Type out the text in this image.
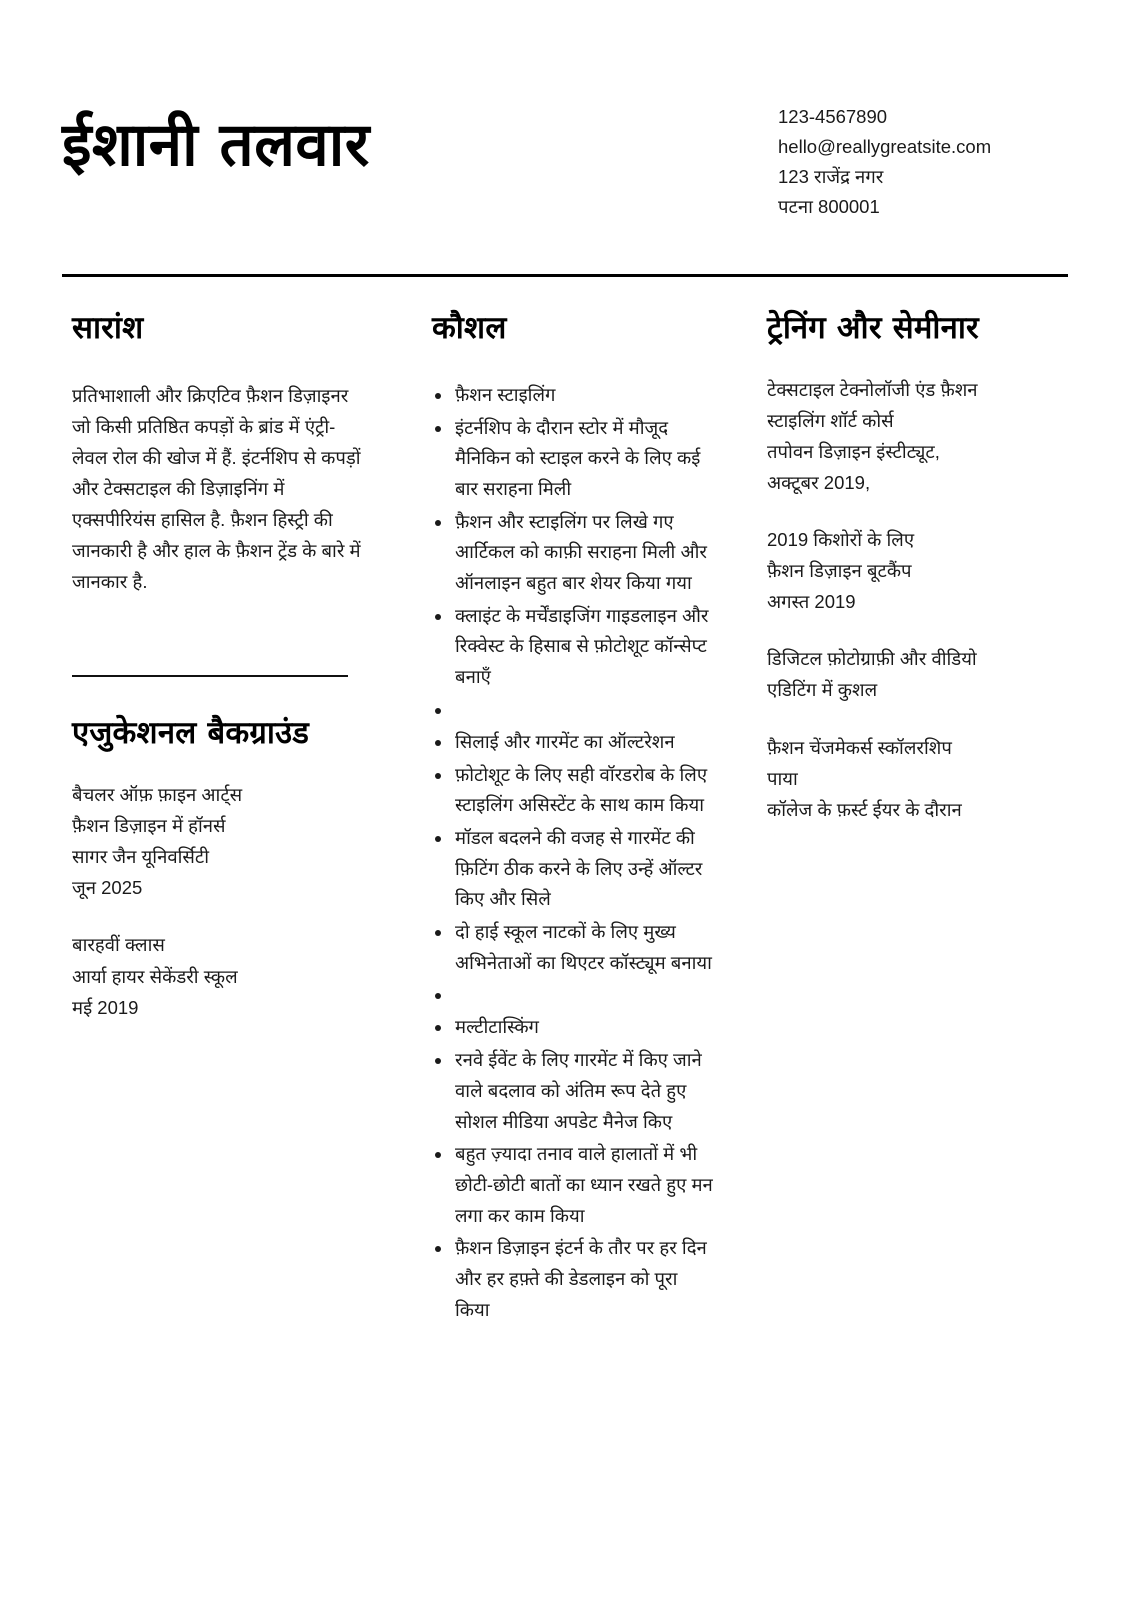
ईशानी तलवार	123-4567890
hello@reallygreatsite.com
123 राजेंद्र नगर
पटना 800001
सारांश

प्रतिभाशाली और क्रिएटिव फ़ैशन डिज़ाइनर जो किसी प्रतिष्ठित कपड़ों के ब्रांड में एंट्री-लेवल रोल की खोज में हैं. इंटर्नशिप से कपड़ों और टेक्सटाइल की डिज़ाइनिंग में एक्सपीरियंस हासिल है. फ़ैशन हिस्ट्री की जानकारी है और हाल के फ़ैशन ट्रेंड के बारे में जानकार है.

एजुकेशनल बैकग्राउंड
बैचलर ऑफ़ फ़ाइन आर्ट्स
फ़ैशन डिज़ाइन में हॉनर्स
सागर जैन यूनिवर्सिटी
जून 2025
बारहवीं क्लास
आर्या हायर सेकेंडरी स्कूल
मई 2019
कौशल
फ़ैशन स्टाइलिंग
इंटर्नशिप के दौरान स्टोर में मौजूद मैनिकिन को स्टाइल करने के लिए कई बार सराहना मिली
फ़ैशन और स्टाइलिंग पर लिखे गए आर्टिकल को काफ़ी सराहना मिली और ऑनलाइन बहुत बार शेयर किया गया
क्लाइंट के मर्चेंडाइजिंग गाइडलाइन और रिक्वेस्ट के हिसाब से फ़ोटोशूट कॉन्सेप्ट बनाएँ
सिलाई और गारमेंट का ऑल्टरेशन
फ़ोटोशूट के लिए सही वॉरडरोब के लिए स्टाइलिंग असिस्टेंट के साथ काम किया
मॉडल बदलने की वजह से गारमेंट की फ़िटिंग ठीक करने के लिए उन्हें ऑल्टर किए और सिले
दो हाई स्कूल नाटकों के लिए मुख्य अभिनेताओं का थिएटर कॉस्ट्यूम बनाया
मल्टीटास्किंग
रनवे ईवेंट के लिए गारमेंट में किए जाने वाले बदलाव को अंतिम रूप देते हुए सोशल मीडिया अपडेट मैनेज किए
बहुत ज़्यादा तनाव वाले हालातों में भी छोटी-छोटी बातों का ध्यान रखते हुए मन लगा कर काम किया
फ़ैशन डिज़ाइन इंटर्न के तौर पर हर दिन और हर हफ़्ते की डेडलाइन को पूरा किया
ट्रेनिंग और सेमीनार
टेक्सटाइल टेक्नोलॉजी एंड फ़ैशन
स्टाइलिंग शॉर्ट कोर्स
तपोवन डिज़ाइन इंस्टीट्यूट,
अक्टूबर 2019,
2019 किशोरों के लिए
फ़ैशन डिज़ाइन बूटकैंप
अगस्त 2019
डिजिटल फ़ोटोग्राफ़ी और वीडियो
एडिटिंग में कुशल
फ़ैशन चेंजमेकर्स स्कॉलरशिप
पाया
कॉलेज के फ़र्स्ट ईयर के दौरान
